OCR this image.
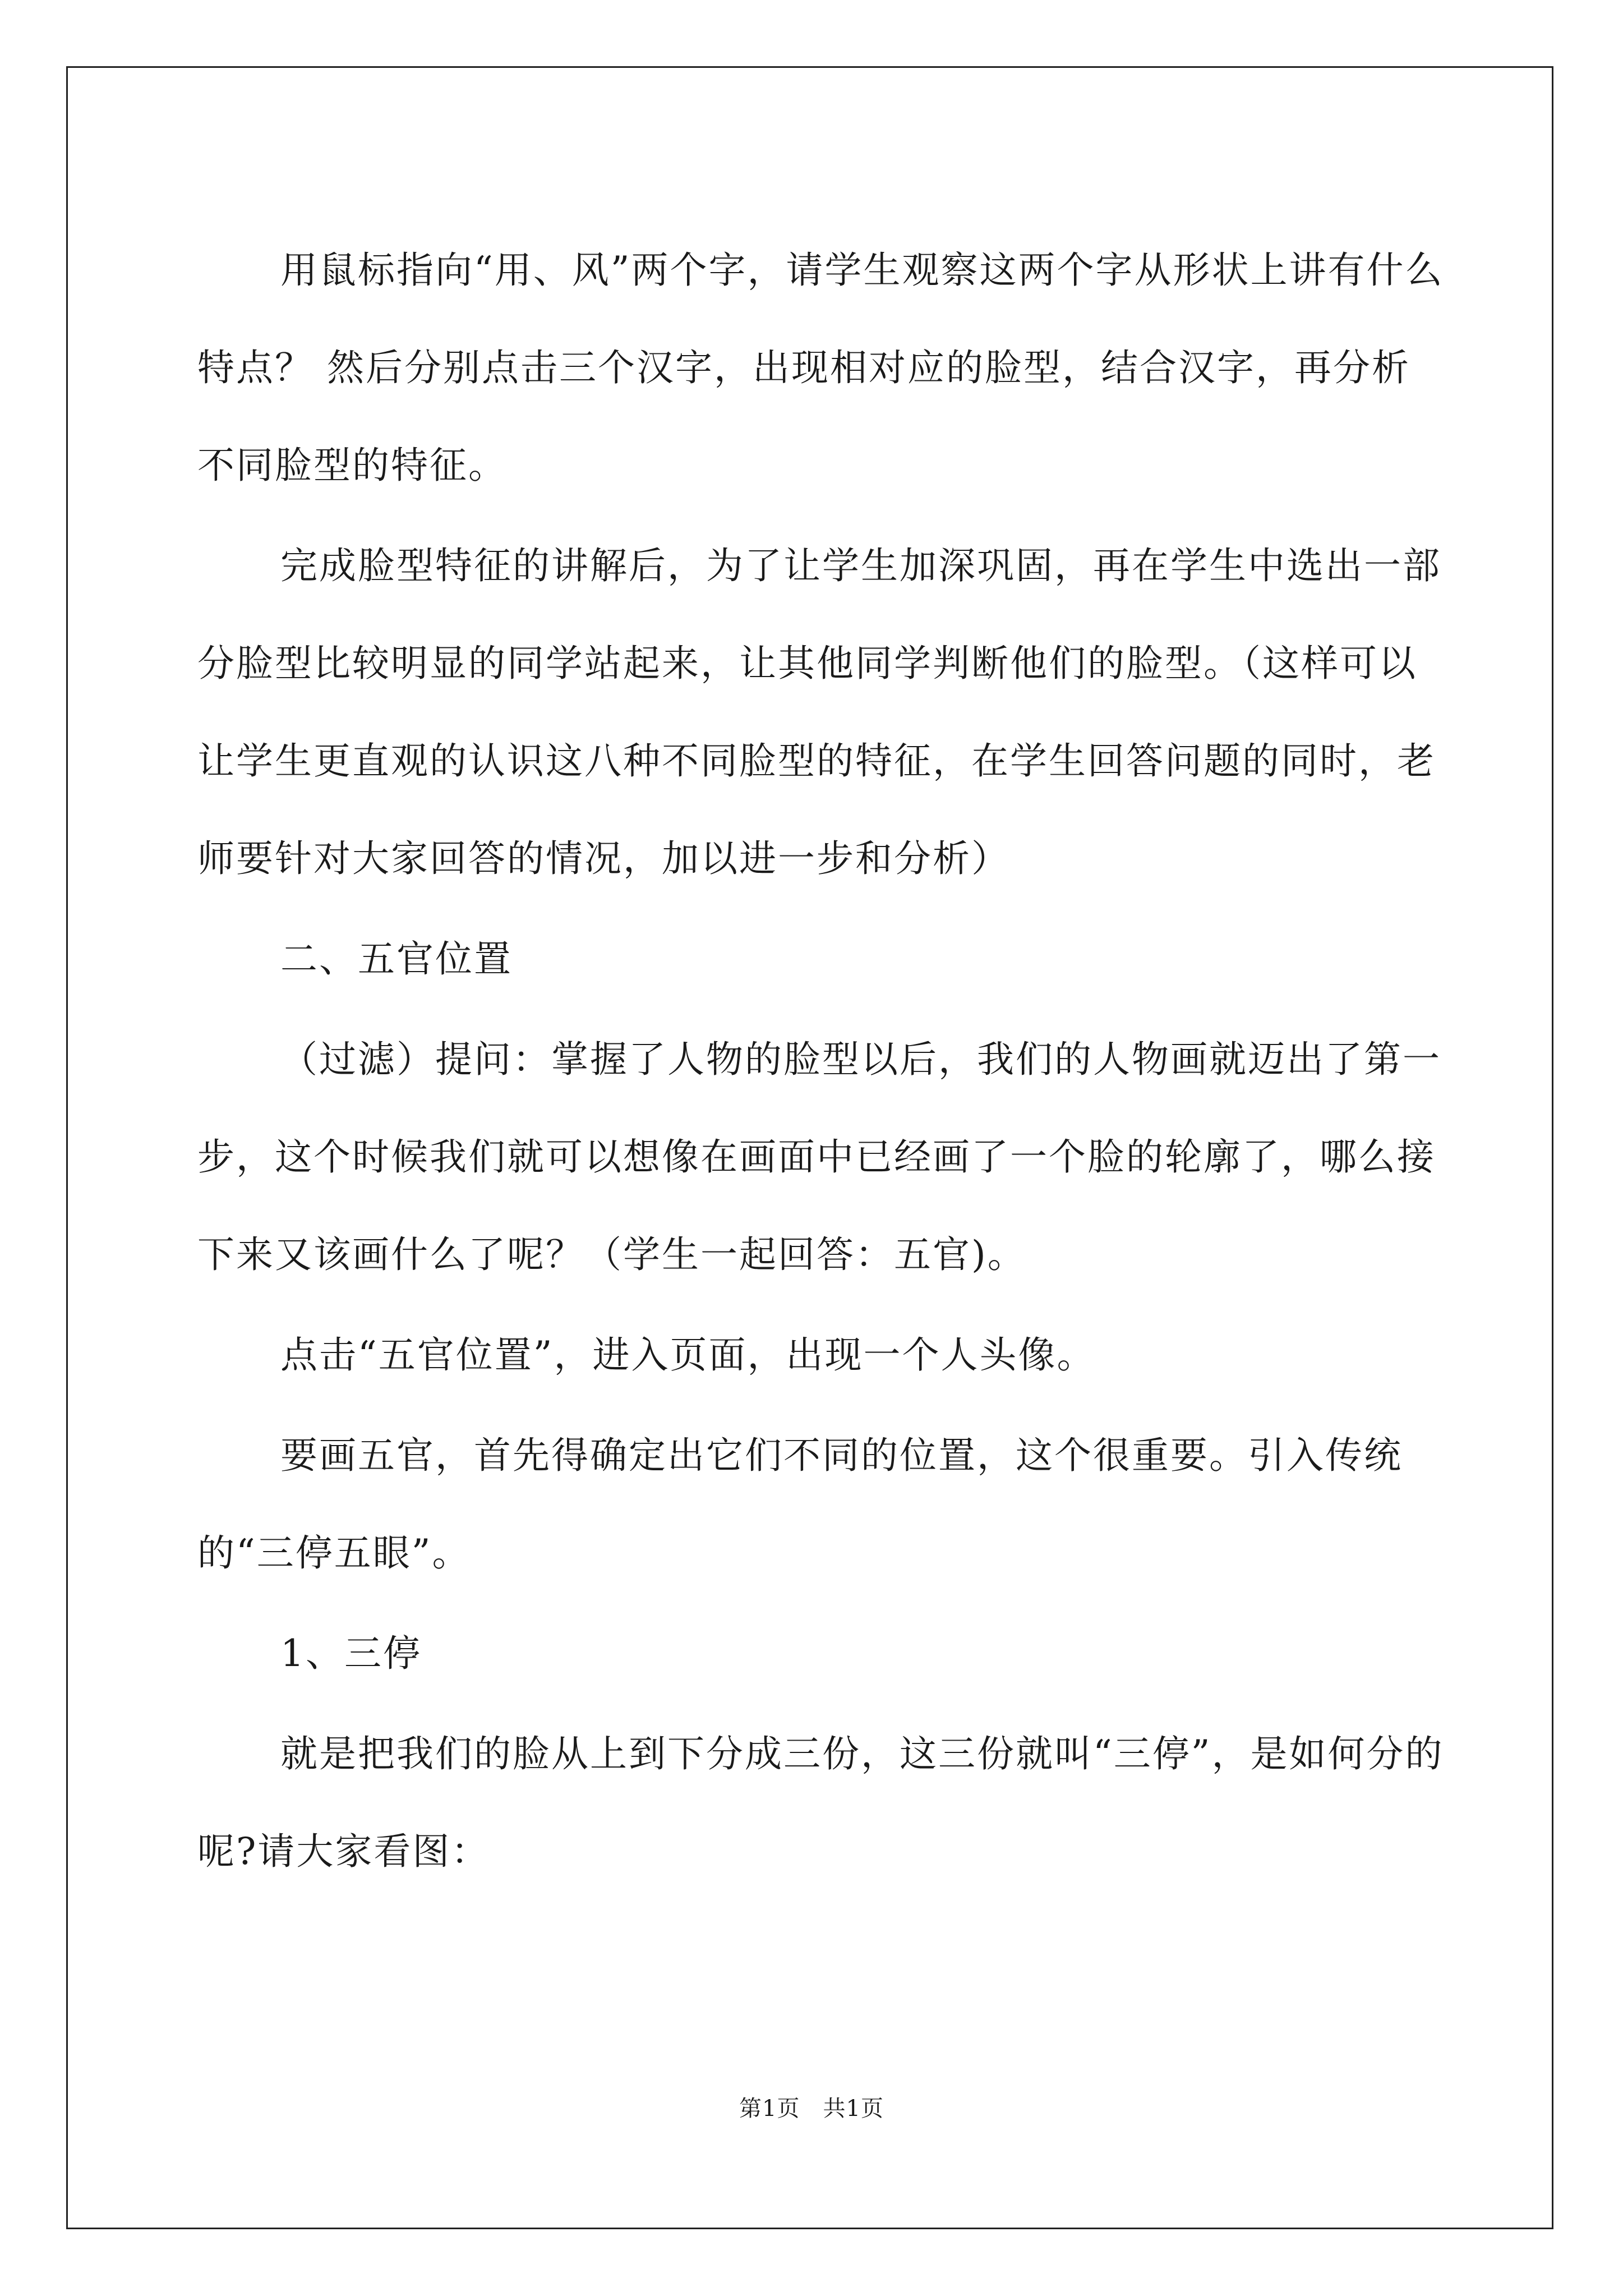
用鼠标指向“用、风”两个字，请学生观察这两个字从形状上讲有什么特点？ 然后分别点击三个汉字，出现相对应的脸型，结合汉字，再分析不同脸型的特征。

完成脸型特征的讲解后，为了让学生加深巩固，再在学生中选出一部分脸型比较明显的同学站起来，让其他同学判断他们的脸型。（这样可以让学生更直观的认识这八种不同脸型的特征，在学生回答问题的同时，老师要针对大家回答的情况，加以进一步和分析）

二、五官位置

（过滤）提问：掌握了人物的脸型以后，我们的人物画就迈出了第一步，这个时候我们就可以想像在画面中已经画了一个脸的轮廓了，哪么接下来又该画什么了呢？（学生一起回答：五官)。

点击“五官位置”，进入页面，出现一个人头像。

要画五官，首先得确定出它们不同的位置，这个很重要。引入传统的“三停五眼”。

1、三停

就是把我们的脸从上到下分成三份，这三份就叫“三停”，是如何分的呢?请大家看图：

第1页　共1页
